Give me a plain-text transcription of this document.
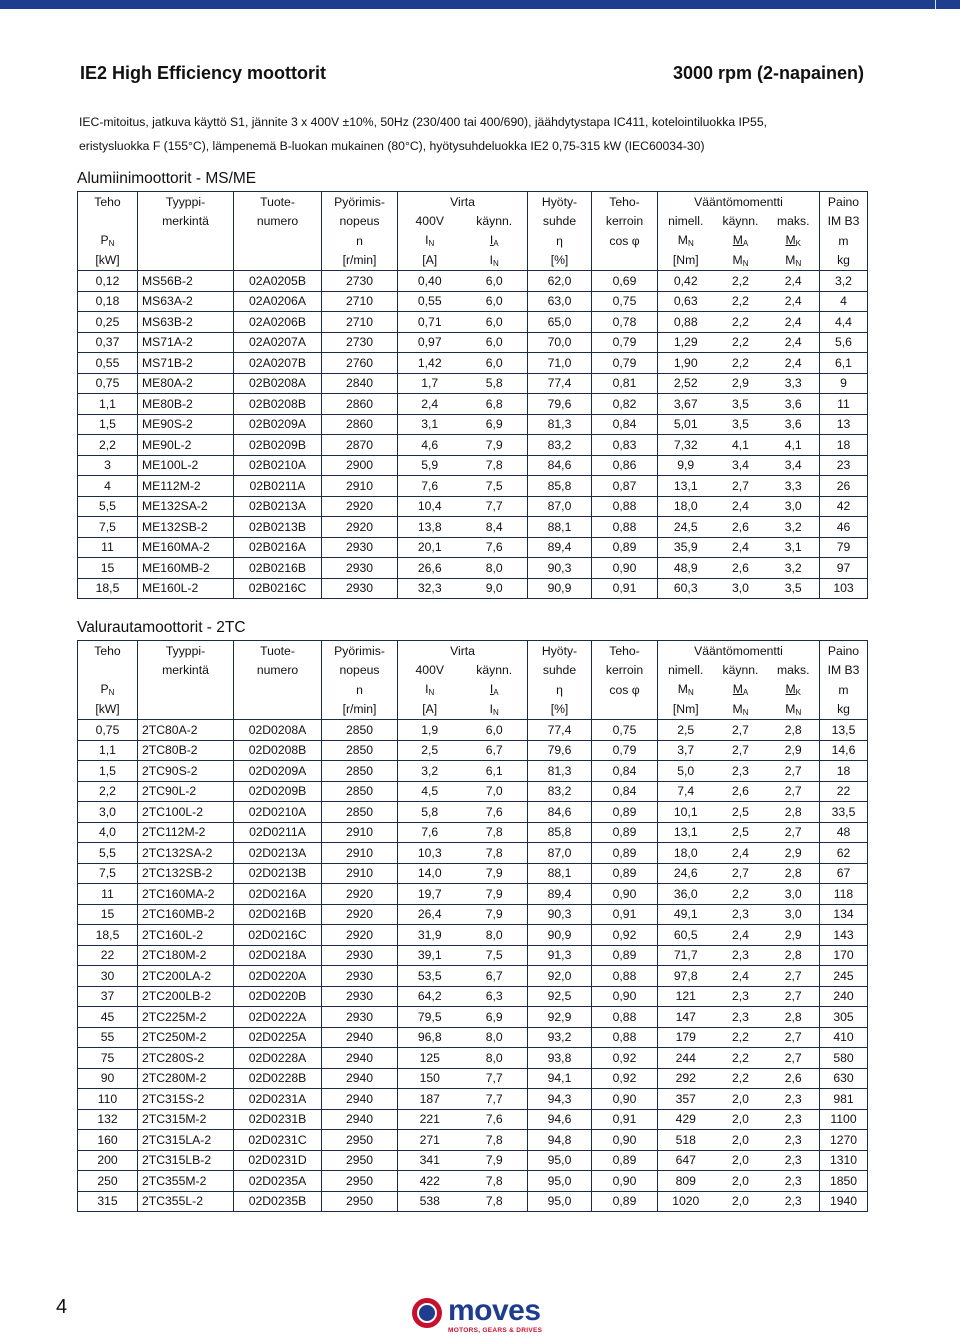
IE2 High Efficiency moottorit	3000 rpm (2-napainen)
IEC-mitoitus, jatkuva käyttö S1, jännite 3 x 400V ±10%, 50Hz (230/400 tai 400/690), jäähdytystapa IC411, kotelointiluokka IP55,
eristysluokka F (155°C), lämpenemä B-luokan mukainen (80°C), hyötysuhdeluokka IE2 0,75-315 kW (IEC60034-30)
Alumiinimoottorit - MS/ME
Teho	Tyyppi-	Tuote-	Pyörimis-	Virta		Hyöty-	Teho-	Vääntömomentti			Paino
	merkintä	numero	nopeus	400V	käynn.	suhde	kerroin	nimell.	käynn.	maks.	IM B3
PN			n	IN	IA	η	cos φ	MN	MA	MK	m
[kW]			[r/min]	[A]	IN	[%]		[Nm]	MN	MN	kg
0,12	MS56B-2	02A0205B	2730	0,40	6,0	62,0	0,69	0,42	2,2	2,4	3,2
0,18	MS63A-2	02A0206A	2710	0,55	6,0	63,0	0,75	0,63	2,2	2,4	4
0,25	MS63B-2	02A0206B	2710	0,71	6,0	65,0	0,78	0,88	2,2	2,4	4,4
0,37	MS71A-2	02A0207A	2730	0,97	6,0	70,0	0,79	1,29	2,2	2,4	5,6
0,55	MS71B-2	02A0207B	2760	1,42	6,0	71,0	0,79	1,90	2,2	2,4	6,1
0,75	ME80A-2	02B0208A	2840	1,7	5,8	77,4	0,81	2,52	2,9	3,3	9
1,1	ME80B-2	02B0208B	2860	2,4	6,8	79,6	0,82	3,67	3,5	3,6	11
1,5	ME90S-2	02B0209A	2860	3,1	6,9	81,3	0,84	5,01	3,5	3,6	13
2,2	ME90L-2	02B0209B	2870	4,6	7,9	83,2	0,83	7,32	4,1	4,1	18
3	ME100L-2	02B0210A	2900	5,9	7,8	84,6	0,86	9,9	3,4	3,4	23
4	ME112M-2	02B0211A	2910	7,6	7,5	85,8	0,87	13,1	2,7	3,3	26
5,5	ME132SA-2	02B0213A	2920	10,4	7,7	87,0	0,88	18,0	2,4	3,0	42
7,5	ME132SB-2	02B0213B	2920	13,8	8,4	88,1	0,88	24,5	2,6	3,2	46
11	ME160MA-2	02B0216A	2930	20,1	7,6	89,4	0,89	35,9	2,4	3,1	79
15	ME160MB-2	02B0216B	2930	26,6	8,0	90,3	0,90	48,9	2,6	3,2	97
18,5	ME160L-2	02B0216C	2930	32,3	9,0	90,9	0,91	60,3	3,0	3,5	103
Valurautamoottorit - 2TC
Teho	Tyyppi-	Tuote-	Pyörimis-	Virta		Hyöty-	Teho-	Vääntömomentti			Paino
	merkintä	numero	nopeus	400V	käynn.	suhde	kerroin	nimell.	käynn.	maks.	IM B3
PN			n	IN	IA	η	cos φ	MN	MA	MK	m
[kW]			[r/min]	[A]	IN	[%]		[Nm]	MN	MN	kg
0,75	2TC80A-2	02D0208A	2850	1,9	6,0	77,4	0,75	2,5	2,7	2,8	13,5
1,1	2TC80B-2	02D0208B	2850	2,5	6,7	79,6	0,79	3,7	2,7	2,9	14,6
1,5	2TC90S-2	02D0209A	2850	3,2	6,1	81,3	0,84	5,0	2,3	2,7	18
2,2	2TC90L-2	02D0209B	2850	4,5	7,0	83,2	0,84	7,4	2,6	2,7	22
3,0	2TC100L-2	02D0210A	2850	5,8	7,6	84,6	0,89	10,1	2,5	2,8	33,5
4,0	2TC112M-2	02D0211A	2910	7,6	7,8	85,8	0,89	13,1	2,5	2,7	48
5,5	2TC132SA-2	02D0213A	2910	10,3	7,8	87,0	0,89	18,0	2,4	2,9	62
7,5	2TC132SB-2	02D0213B	2910	14,0	7,9	88,1	0,89	24,6	2,7	2,8	67
11	2TC160MA-2	02D0216A	2920	19,7	7,9	89,4	0,90	36,0	2,2	3,0	118
15	2TC160MB-2	02D0216B	2920	26,4	7,9	90,3	0,91	49,1	2,3	3,0	134
18,5	2TC160L-2	02D0216C	2920	31,9	8,0	90,9	0,92	60,5	2,4	2,9	143
22	2TC180M-2	02D0218A	2930	39,1	7,5	91,3	0,89	71,7	2,3	2,8	170
30	2TC200LA-2	02D0220A	2930	53,5	6,7	92,0	0,88	97,8	2,4	2,7	245
37	2TC200LB-2	02D0220B	2930	64,2	6,3	92,5	0,90	121	2,3	2,7	240
45	2TC225M-2	02D0222A	2930	79,5	6,9	92,9	0,88	147	2,3	2,8	305
55	2TC250M-2	02D0225A	2940	96,8	8,0	93,2	0,88	179	2,2	2,7	410
75	2TC280S-2	02D0228A	2940	125	8,0	93,8	0,92	244	2,2	2,7	580
90	2TC280M-2	02D0228B	2940	150	7,7	94,1	0,92	292	2,2	2,6	630
110	2TC315S-2	02D0231A	2940	187	7,7	94,3	0,90	357	2,0	2,3	981
132	2TC315M-2	02D0231B	2940	221	7,6	94,6	0,91	429	2,0	2,3	1100
160	2TC315LA-2	02D0231C	2950	271	7,8	94,8	0,90	518	2,0	2,3	1270
200	2TC315LB-2	02D0231D	2950	341	7,9	95,0	0,89	647	2,0	2,3	1310
250	2TC355M-2	02D0235A	2950	422	7,8	95,0	0,90	809	2,0	2,3	1850
315	2TC355L-2	02D0235B	2950	538	7,8	95,0	0,89	1020	2,0	2,3	1940
4	moves
MOTORS, GEARS & DRIVES
